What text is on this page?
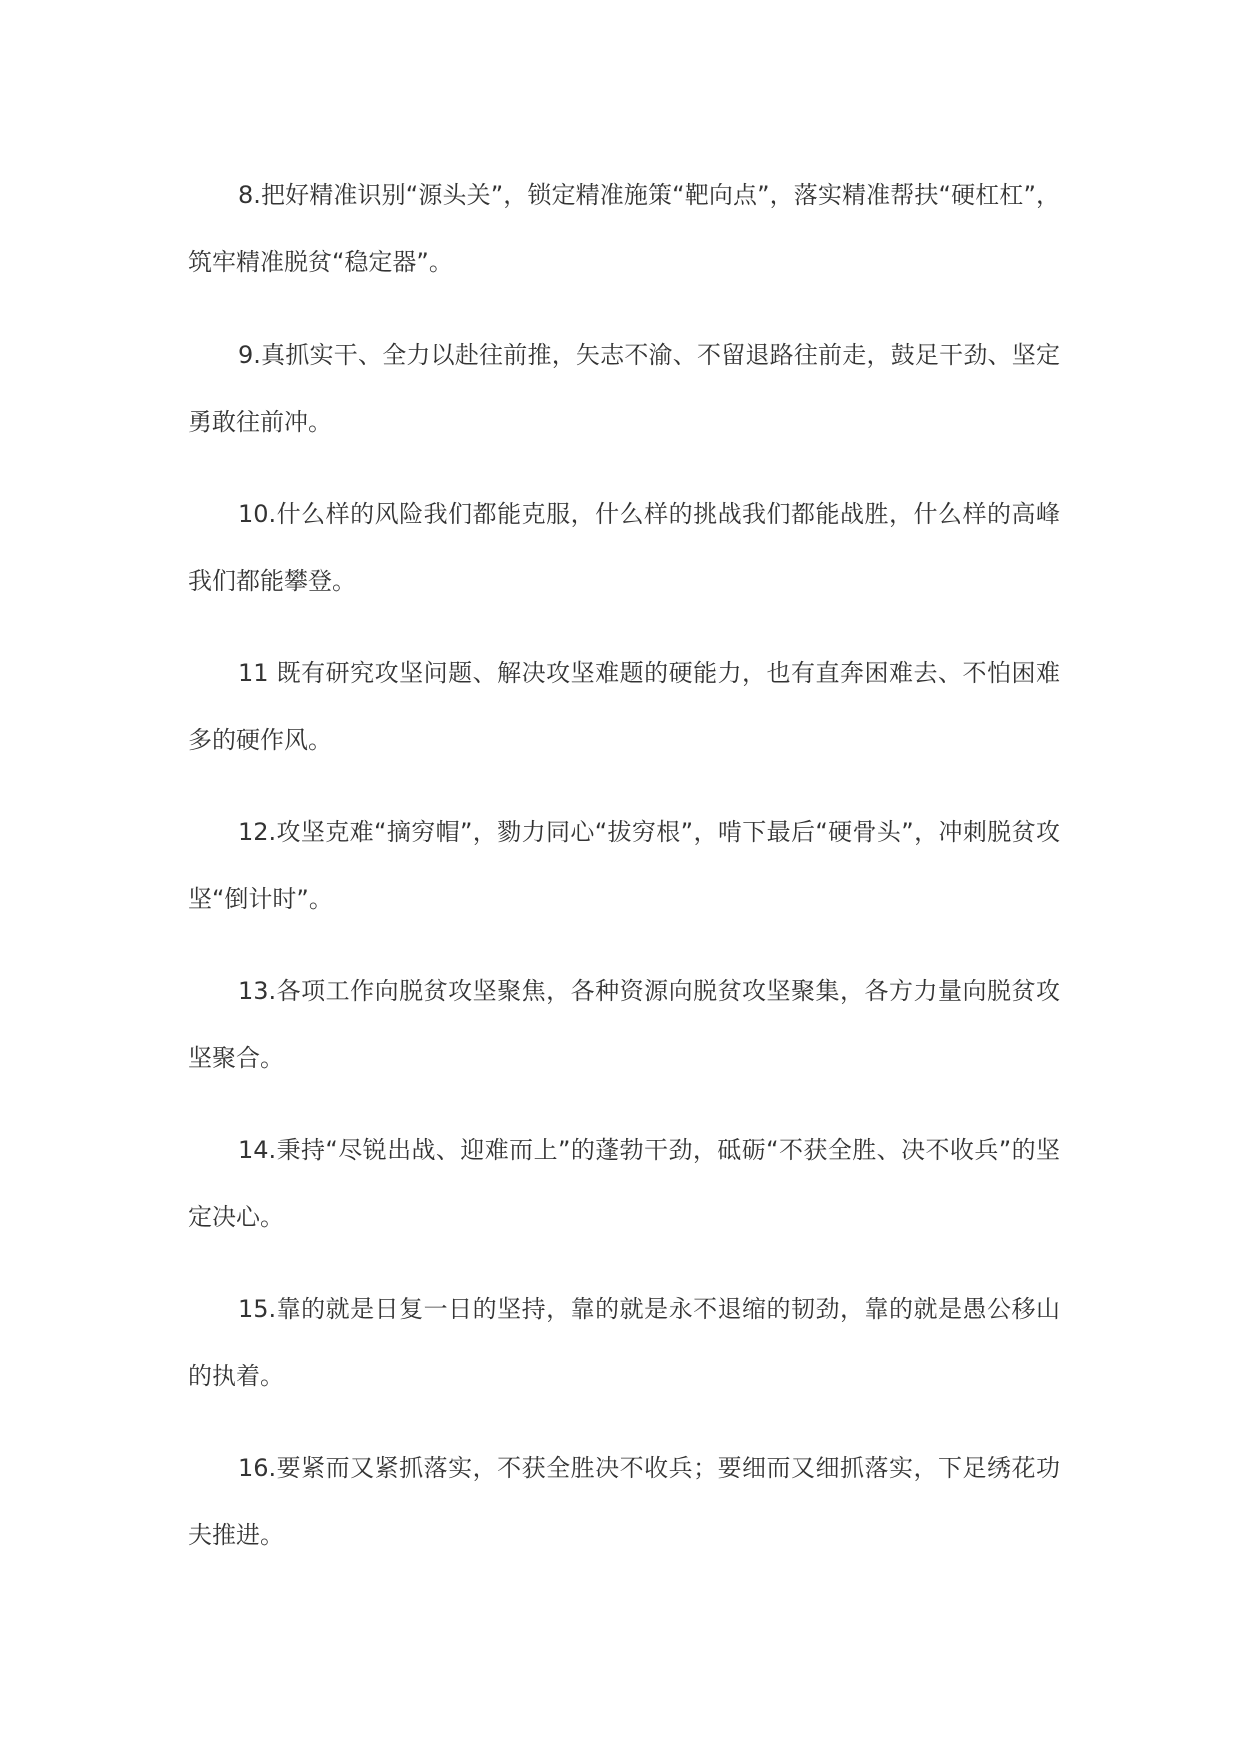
8.把好精准识别“源头关”，锁定精准施策“靶向点”，落实精准帮扶“硬杠杠”，筑牢精准脱贫“稳定器”。

9.真抓实干、全力以赴往前推，矢志不渝、不留退路往前走，鼓足干劲、坚定勇敢往前冲。

10.什么样的风险我们都能克服，什么样的挑战我们都能战胜，什么样的高峰我们都能攀登。

11 既有研究攻坚问题、解决攻坚难题的硬能力，也有直奔困难去、不怕困难多的硬作风。

12.攻坚克难“摘穷帽”，勠力同心“拔穷根”，啃下最后“硬骨头”，冲刺脱贫攻坚“倒计时”。

13.各项工作向脱贫攻坚聚焦，各种资源向脱贫攻坚聚集，各方力量向脱贫攻坚聚合。

14.秉持“尽锐出战、迎难而上”的蓬勃干劲，砥砺“不获全胜、决不收兵”的坚定决心。

15.靠的就是日复一日的坚持，靠的就是永不退缩的韧劲，靠的就是愚公移山的执着。

16.要紧而又紧抓落实，不获全胜决不收兵；要细而又细抓落实，下足绣花功夫推进。
